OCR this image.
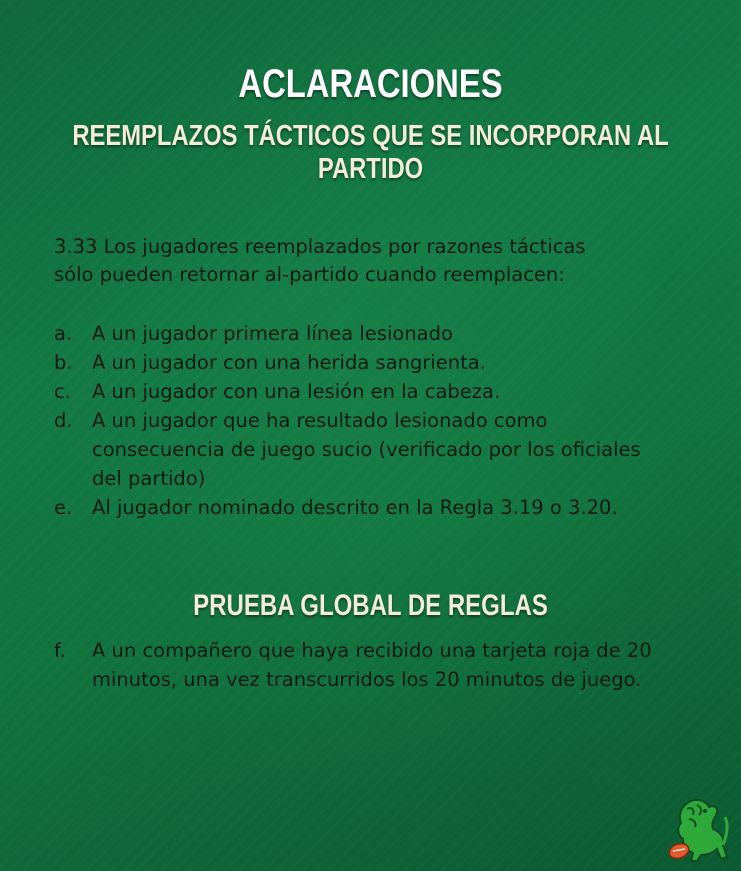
ACLARACIONES
REEMPLAZOS TÁCTICOS QUE SE INCORPORAN AL PARTIDO
3.33 Los jugadores reemplazados por razones tácticas
sólo pueden retornar al-partido cuando reemplacen:
a. A un jugador primera línea lesionado
b. A un jugador con una herida sangrienta.
c. A un jugador con una lesión en la cabeza.
d. A un jugador que ha resultado lesionado como consecuencia de juego sucio (verificado por los oficiales del partido)
e. Al jugador nominado descrito en la Regla 3.19 o 3.20.
PRUEBA GLOBAL DE REGLAS
f. A un compañero que haya recibido una tarjeta roja de 20 minutos, una vez transcurridos los 20 minutos de juego.
